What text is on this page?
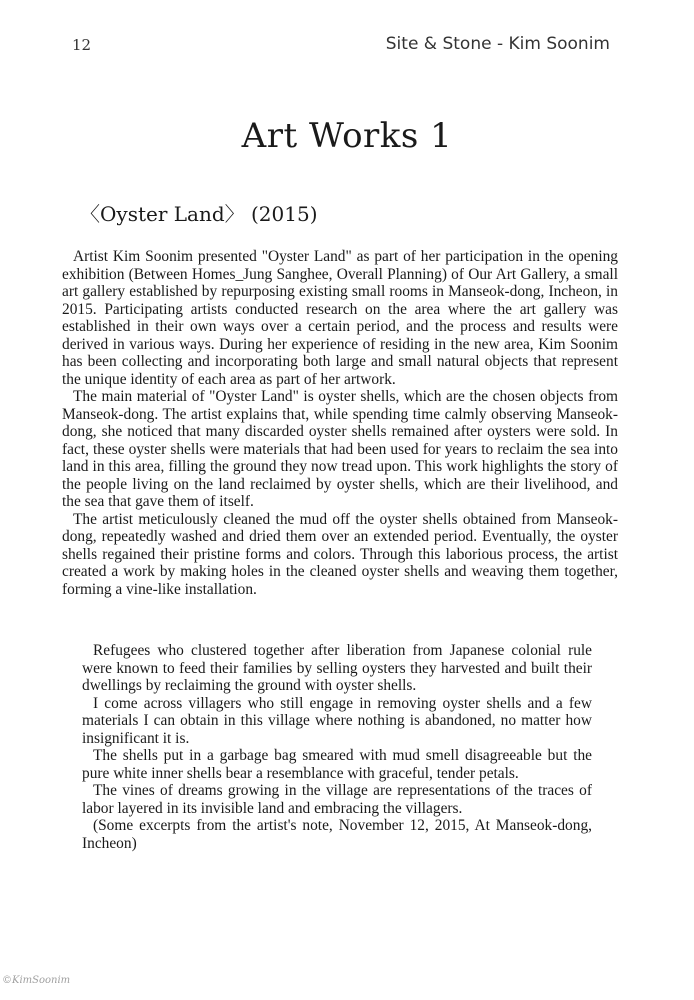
12	Site & Stone - Kim Soonim
Art Works 1
〈Oyster Land〉 (2015)

Artist Kim Soonim presented "Oyster Land" as part of her participation in the opening exhibition (Between Homes_Jung Sanghee, Overall Planning) of Our Art Gallery, a small art gallery established by repurposing existing small rooms in Manseok-dong, Incheon, in 2015. Participating artists conducted research on the area where the art gallery was established in their own ways over a certain period, and the process and results were derived in various ways. During her experience of residing in the new area, Kim Soonim has been collecting and incorporating both large and small natural objects that represent the unique identity of each area as part of her artwork.

The main material of "Oyster Land" is oyster shells, which are the chosen objects from Manseok-dong. The artist explains that, while spending time calmly observing Manseok-dong, she noticed that many discarded oyster shells remained after oysters were sold. In fact, these oyster shells were materials that had been used for years to reclaim the sea into land in this area, filling the ground they now tread upon. This work highlights the story of the people living on the land reclaimed by oyster shells, which are their livelihood, and the sea that gave them of itself.

The artist meticulously cleaned the mud off the oyster shells obtained from Manseok-dong, repeatedly washed and dried them over an extended period. Eventually, the oyster shells regained their pristine forms and colors. Through this laborious process, the artist created a work by making holes in the cleaned oyster shells and weaving them together, forming a vine-like installation.

Refugees who clustered together after liberation from Japanese colonial rule were known to feed their families by selling oysters they harvested and built their dwellings by reclaiming the ground with oyster shells.

I come across villagers who still engage in removing oyster shells and a few materials I can obtain in this village where nothing is abandoned, no matter how insignificant it is.

The shells put in a garbage bag smeared with mud smell disagreeable but the pure white inner shells bear a resemblance with graceful, tender petals.

The vines of dreams growing in the village are representations of the traces of labor layered in its invisible land and embracing the villagers.

(Some excerpts from the artist's note, November 12, 2015, At Manseok-dong, Incheon)

©KimSoonim
